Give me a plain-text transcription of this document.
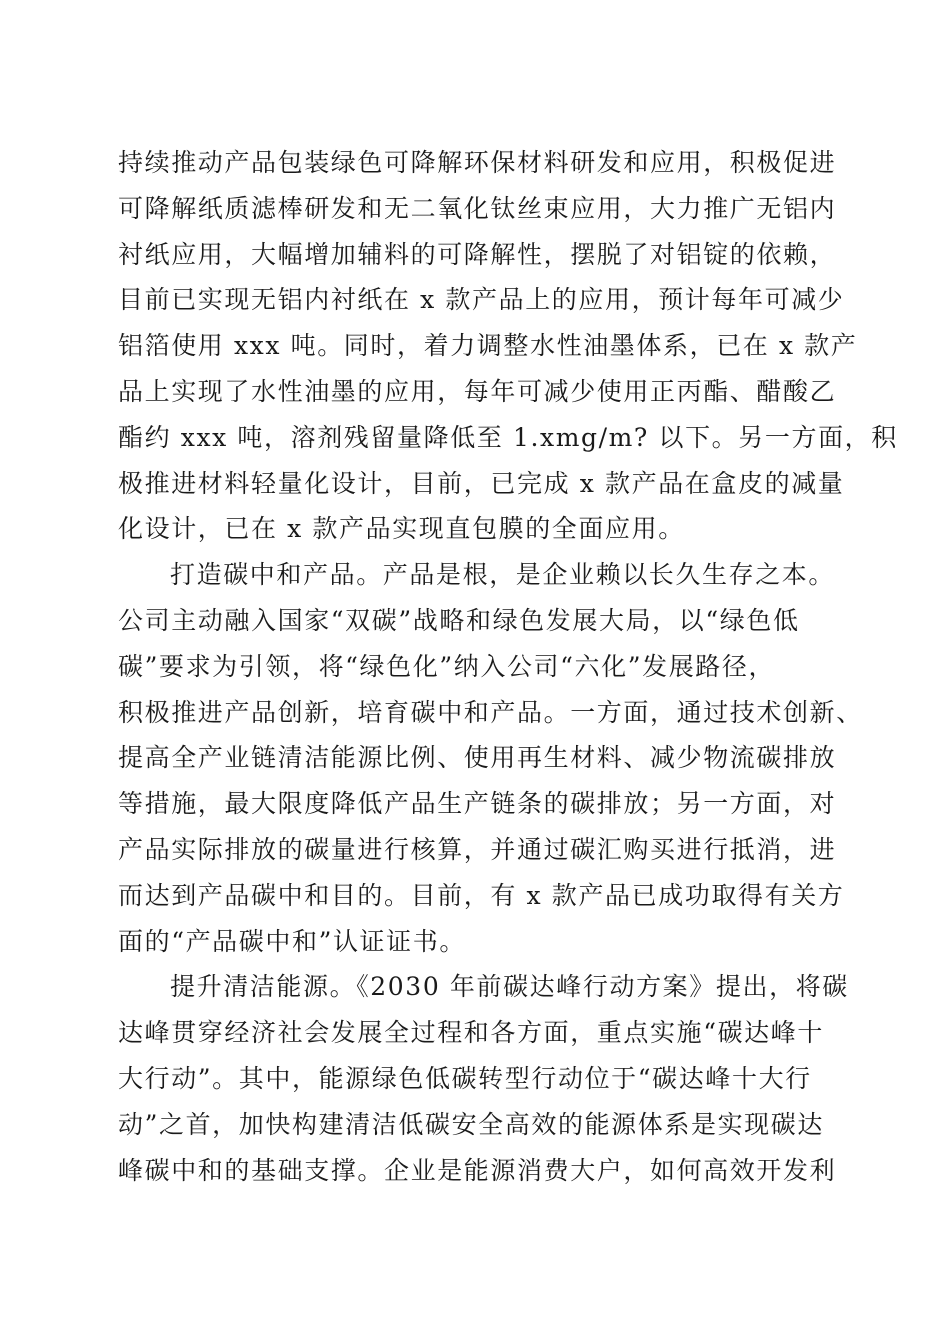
持续推动产品包装绿色可降解环保材料研发和应用，积极促进
可降解纸质滤棒研发和无二氧化钛丝束应用，大力推广无铝内
衬纸应用，大幅增加辅料的可降解性，摆脱了对铝锭的依赖，
目前已实现无铝内衬纸在 x 款产品上的应用，预计每年可减少
铝箔使用 xxx 吨。同时，着力调整水性油墨体系，已在 x 款产
品上实现了水性油墨的应用，每年可减少使用正丙酯、醋酸乙
酯约 xxx 吨，溶剂残留量降低至 1.xmg/m? 以下。另一方面，积
极推进材料轻量化设计，目前，已完成 x 款产品在盒皮的减量
化设计，已在 x 款产品实现直包膜的全面应用。
打造碳中和产品。产品是根，是企业赖以长久生存之本。
公司主动融入国家“双碳”战略和绿色发展大局，以“绿色低
碳”要求为引领，将“绿色化”纳入公司“六化”发展路径，
积极推进产品创新，培育碳中和产品。一方面，通过技术创新、
提高全产业链清洁能源比例、使用再生材料、减少物流碳排放
等措施，最大限度降低产品生产链条的碳排放；另一方面，对
产品实际排放的碳量进行核算，并通过碳汇购买进行抵消，进
而达到产品碳中和目的。目前，有 x 款产品已成功取得有关方
面的“产品碳中和”认证证书。
提升清洁能源。《2030 年前碳达峰行动方案》提出，将碳
达峰贯穿经济社会发展全过程和各方面，重点实施“碳达峰十
大行动”。其中，能源绿色低碳转型行动位于“碳达峰十大行
动”之首，加快构建清洁低碳安全高效的能源体系是实现碳达
峰碳中和的基础支撑。企业是能源消费大户，如何高效开发利
